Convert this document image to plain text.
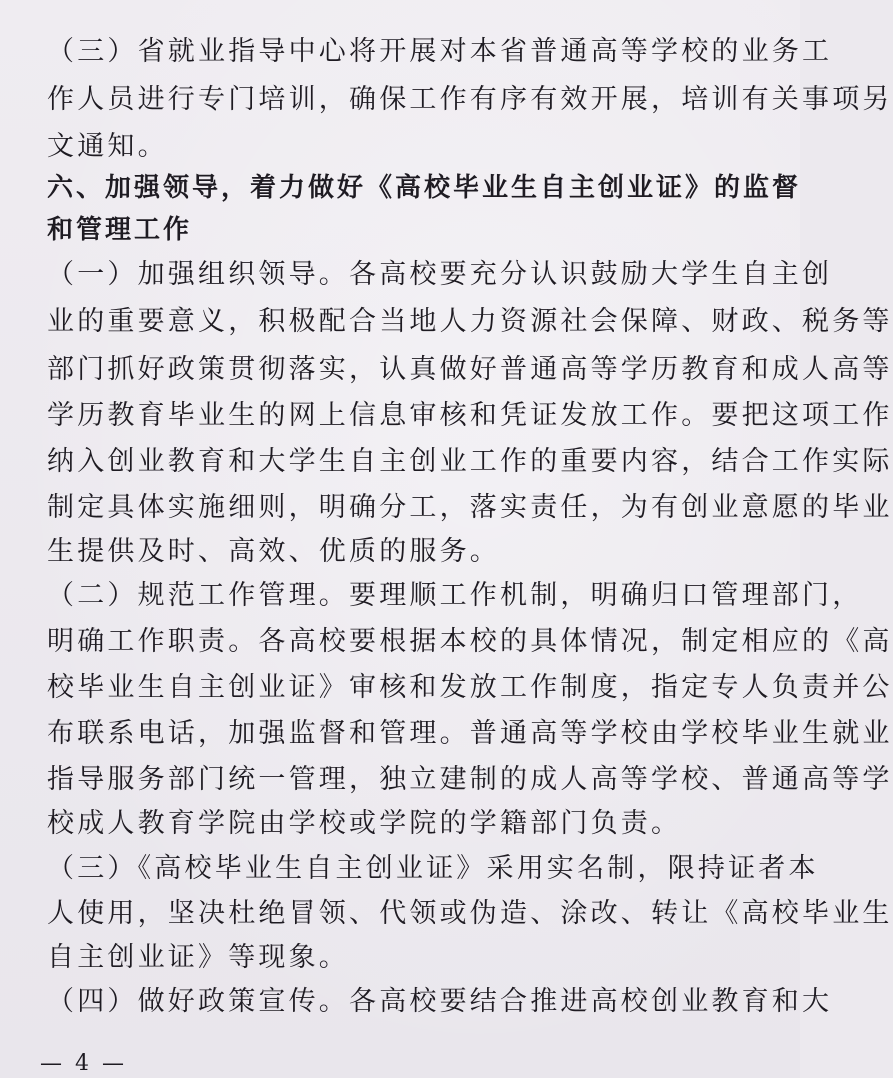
（三）省就业指导中心将开展对本省普通高等学校的业务工
作人员进行专门培训，确保工作有序有效开展，培训有关事项另
文通知。
六、加强领导，着力做好《高校毕业生自主创业证》的监督
和管理工作
（一）加强组织领导。各高校要充分认识鼓励大学生自主创
业的重要意义，积极配合当地人力资源社会保障、财政、税务等
部门抓好政策贯彻落实，认真做好普通高等学历教育和成人高等
学历教育毕业生的网上信息审核和凭证发放工作。要把这项工作
纳入创业教育和大学生自主创业工作的重要内容，结合工作实际
制定具体实施细则，明确分工，落实责任，为有创业意愿的毕业
生提供及时、高效、优质的服务。
（二）规范工作管理。要理顺工作机制，明确归口管理部门，
明确工作职责。各高校要根据本校的具体情况，制定相应的《高
校毕业生自主创业证》审核和发放工作制度，指定专人负责并公
布联系电话，加强监督和管理。普通高等学校由学校毕业生就业
指导服务部门统一管理，独立建制的成人高等学校、普通高等学
校成人教育学院由学校或学院的学籍部门负责。
（三）《高校毕业生自主创业证》采用实名制，限持证者本
人使用，坚决杜绝冒领、代领或伪造、涂改、转让《高校毕业生
自主创业证》等现象。
（四）做好政策宣传。各高校要结合推进高校创业教育和大
— 4 —
